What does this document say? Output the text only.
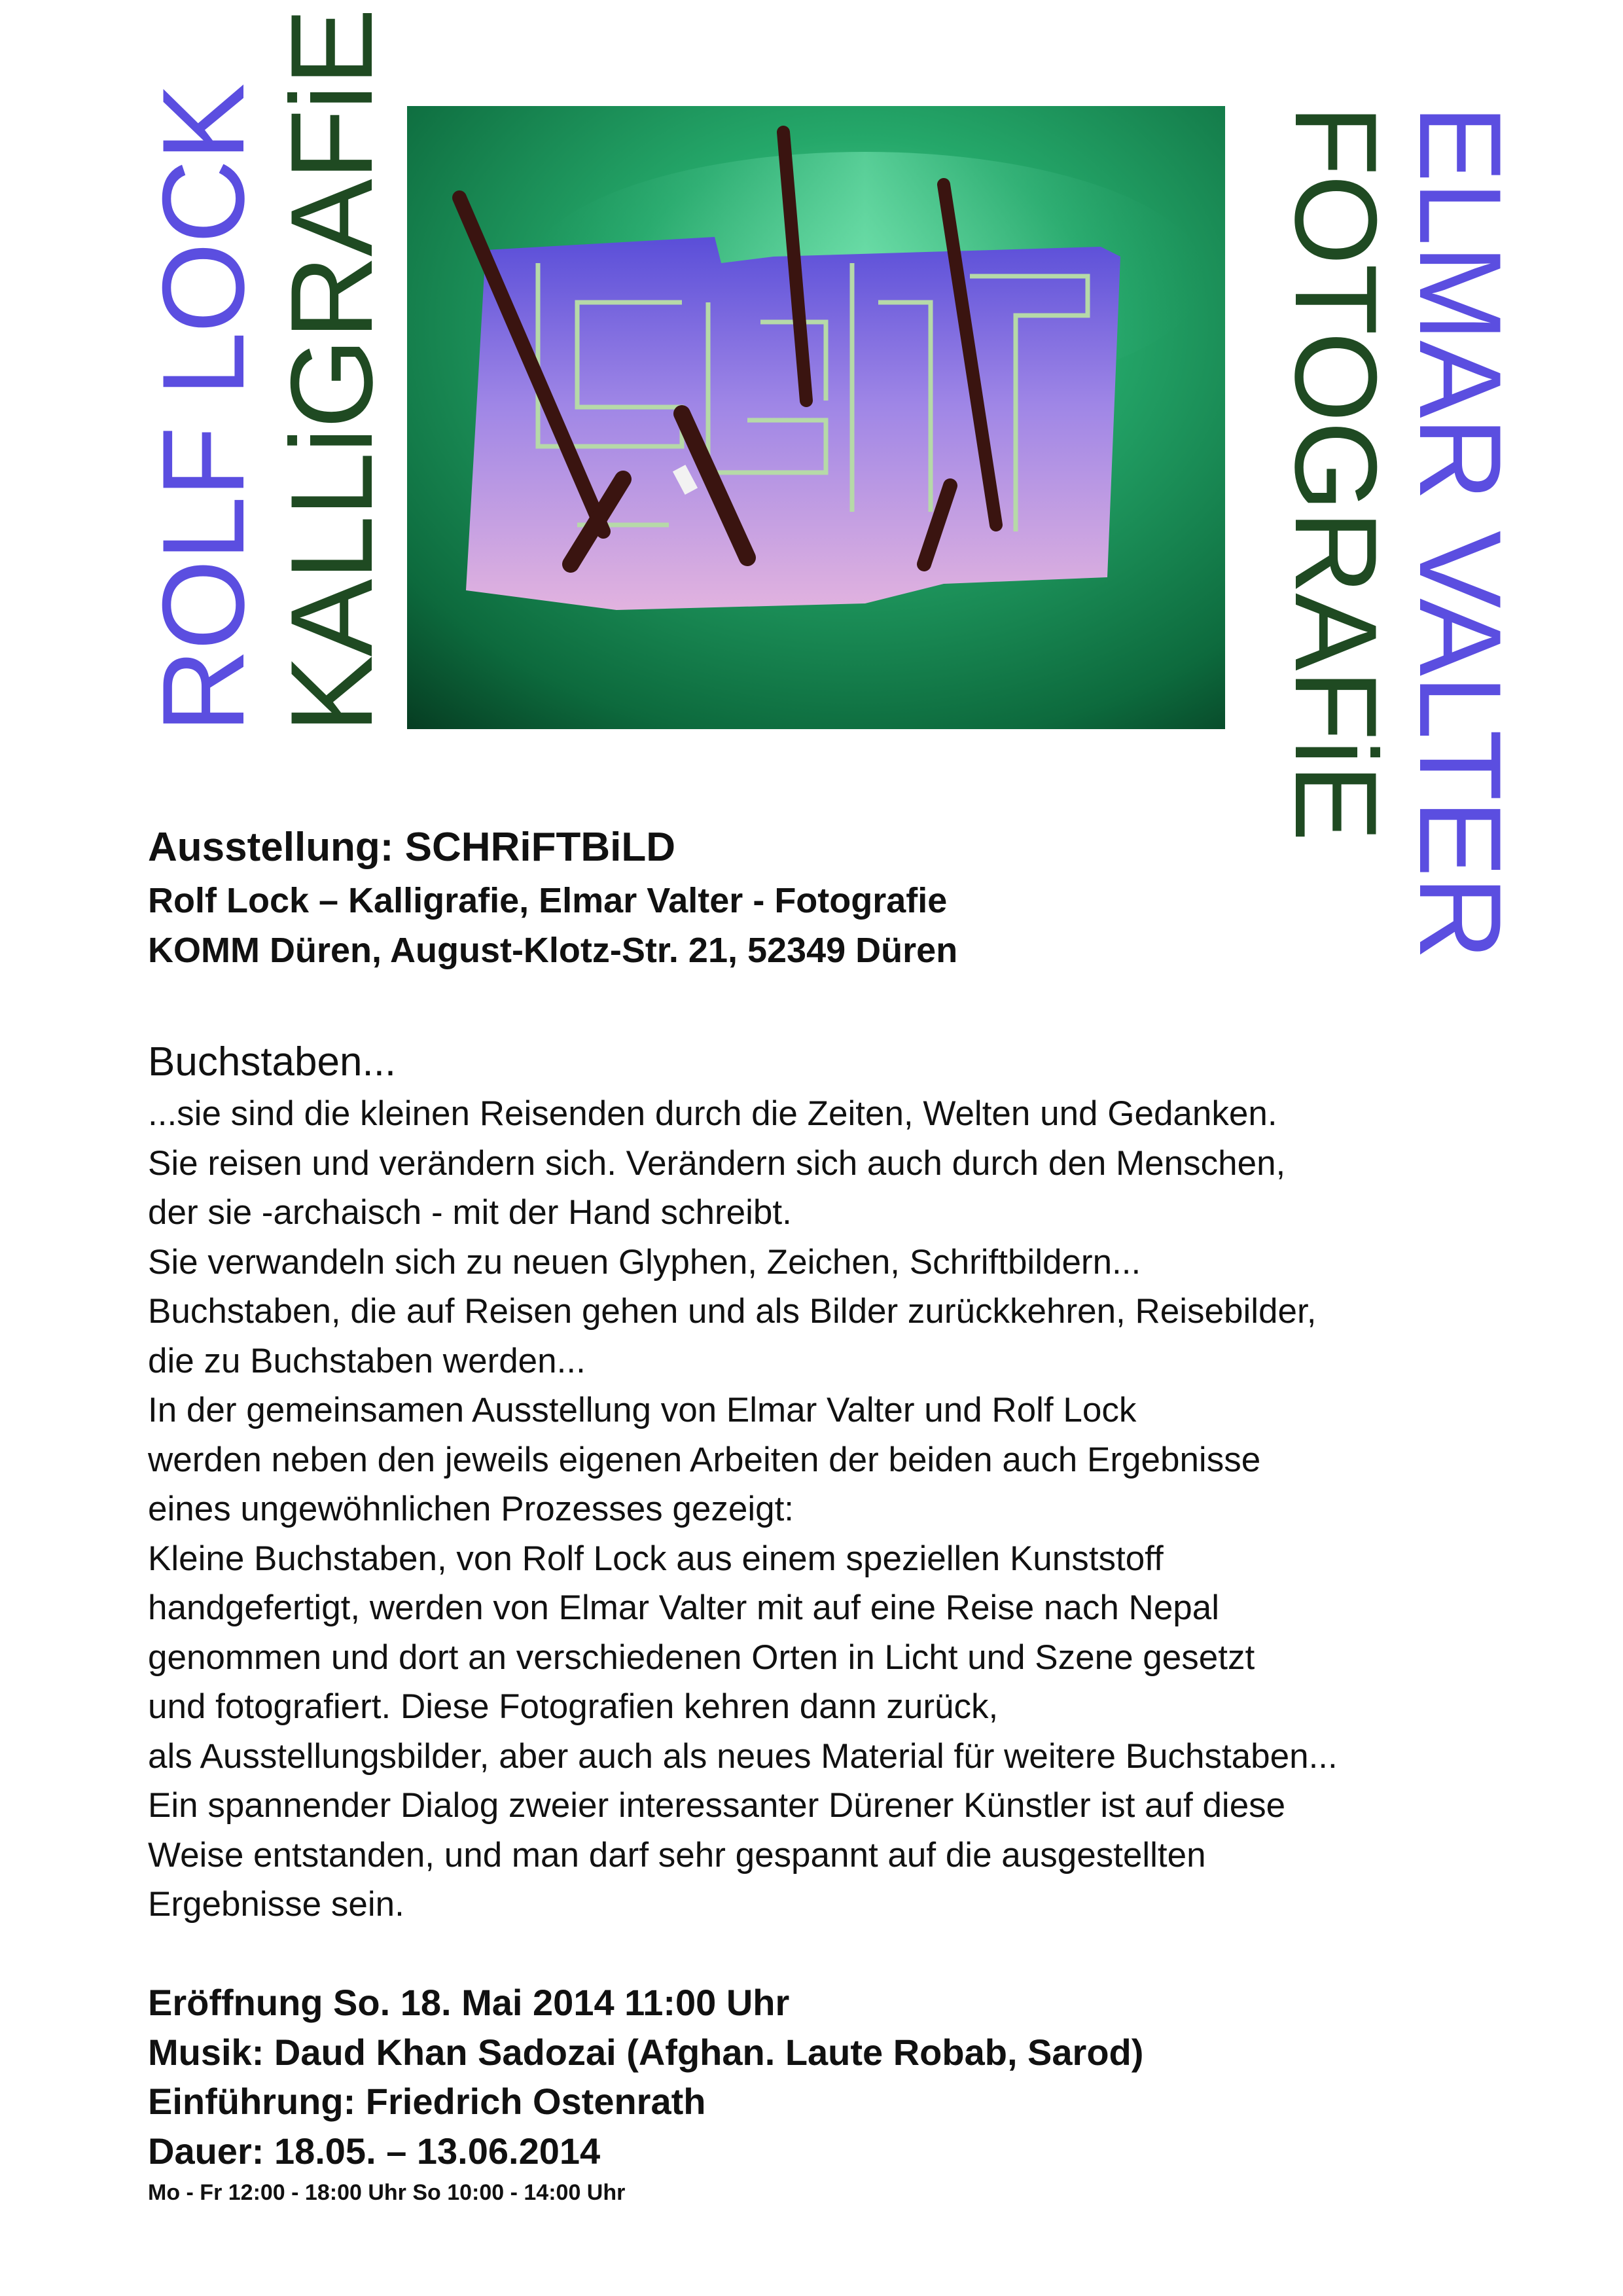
ROLF LOCK
KALLiGRAFiE	FOTOGRAFiE
ELMAR VALTER
Ausstellung: SCHRiFTBiLD
Rolf Lock – Kalligrafie, Elmar Valter - Fotografie
KOMM Düren, August-Klotz-Str. 21, 52349 Düren
Buchstaben...
...sie sind die kleinen Reisenden durch die Zeiten, Welten und Gedanken.
Sie reisen und verändern sich. Verändern sich auch durch den Menschen,
der sie -archaisch - mit der Hand schreibt.
Sie verwandeln sich zu neuen Glyphen, Zeichen, Schriftbildern...
Buchstaben, die auf Reisen gehen und als Bilder zurückkehren, Reisebilder,
die zu Buchstaben werden...
In der gemeinsamen Ausstellung von Elmar Valter und Rolf Lock
werden neben den jeweils eigenen Arbeiten der beiden auch Ergebnisse
eines ungewöhnlichen Prozesses gezeigt:
Kleine Buchstaben, von Rolf Lock aus einem speziellen Kunststoff
handgefertigt, werden von Elmar Valter mit auf eine Reise nach Nepal
genommen und dort an verschiedenen Orten in Licht und Szene gesetzt
und fotografiert. Diese Fotografien kehren dann zurück,
als Ausstellungsbilder, aber auch als neues Material für weitere Buchstaben...
Ein spannender Dialog zweier interessanter Dürener Künstler ist auf diese
Weise entstanden, und man darf sehr gespannt auf die ausgestellten
Ergebnisse sein.
Eröffnung So. 18. Mai 2014 11:00 Uhr
Musik: Daud Khan Sadozai (Afghan. Laute Robab, Sarod)
Einführung: Friedrich Ostenrath
Dauer: 18.05. – 13.06.2014
Mo - Fr 12:00 - 18:00 Uhr So 10:00 - 14:00 Uhr
